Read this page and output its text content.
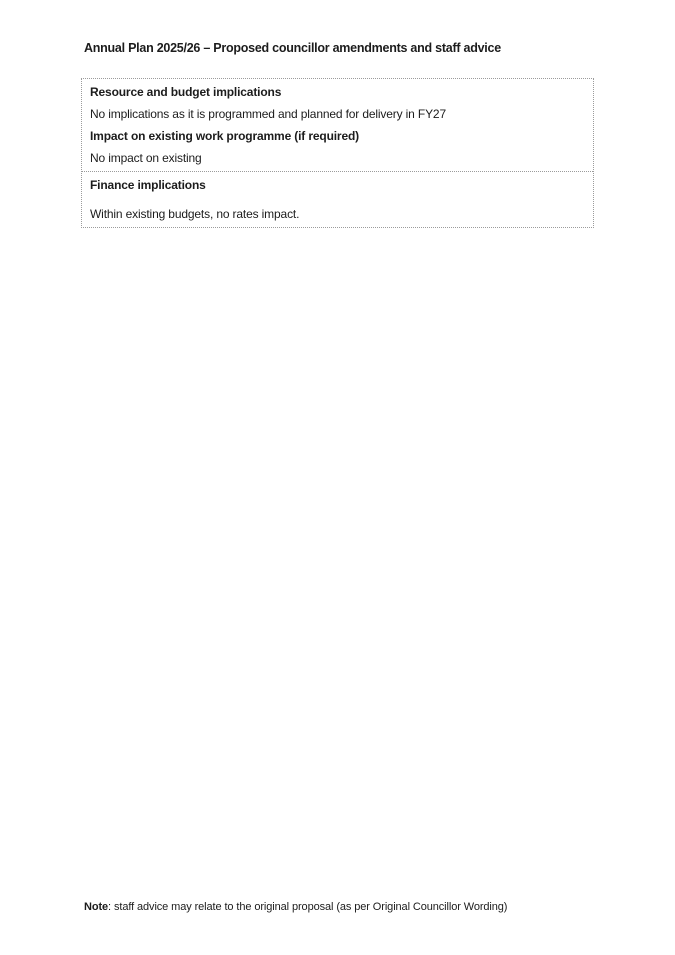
Annual Plan 2025/26 – Proposed councillor amendments and staff advice

Resource and budget implications

No implications as it is programmed and planned for delivery in FY27

Impact on existing work programme (if required)

No impact on existing

Finance implications

Within existing budgets, no rates impact.

Note: staff advice may relate to the original proposal (as per Original Councillor Wording)
